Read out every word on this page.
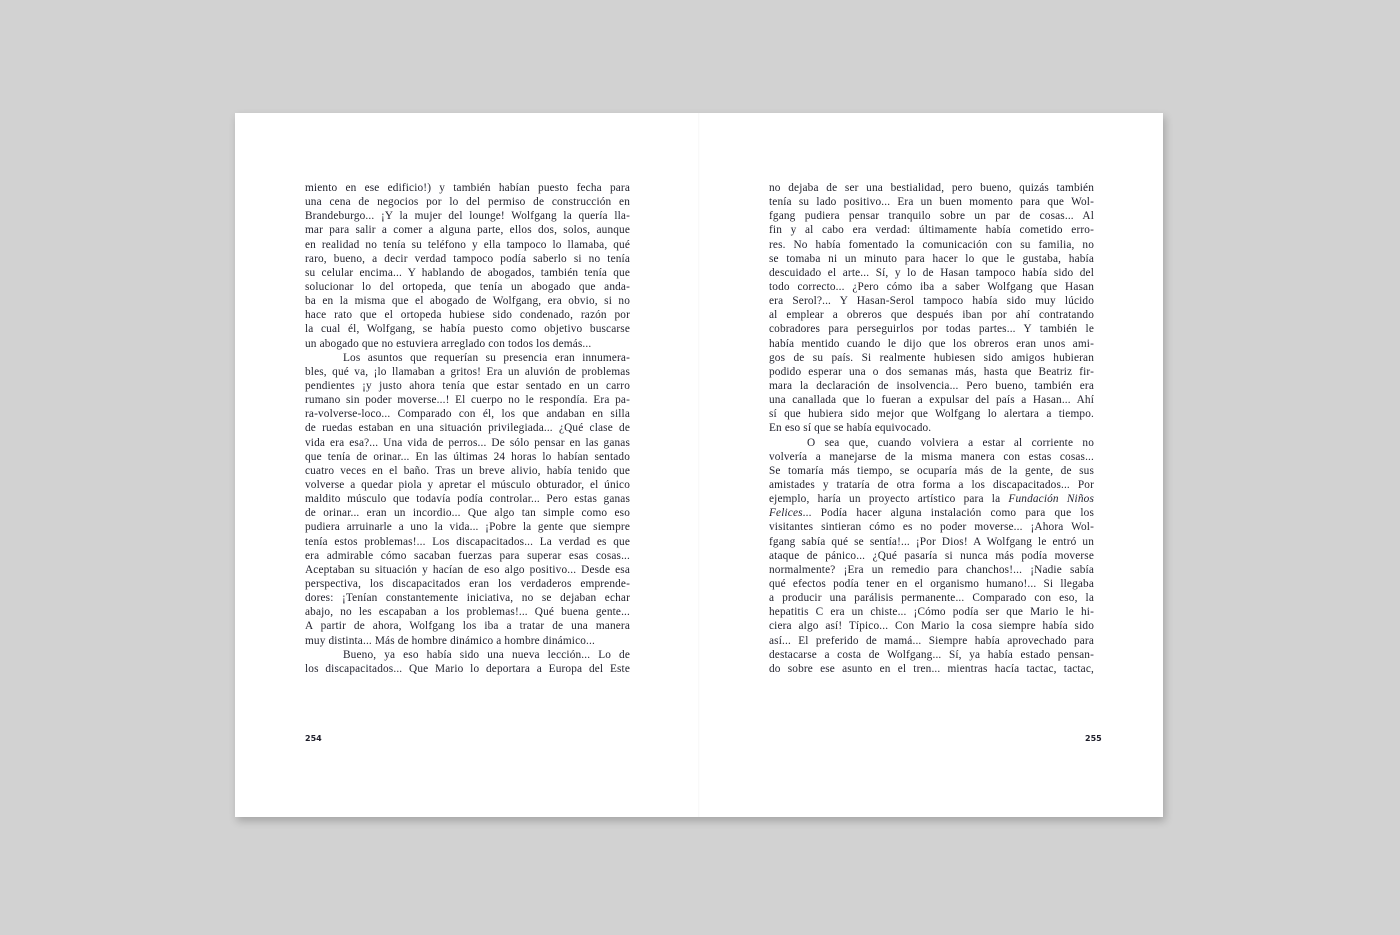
miento en ese edificio!) y también habían puesto fecha para
una cena de negocios por lo del permiso de construcción en
Brandeburgo... ¡Y la mujer del lounge! Wolfgang la quería lla-
mar para salir a comer a alguna parte, ellos dos, solos, aunque
en realidad no tenía su teléfono y ella tampoco lo llamaba, qué
raro, bueno, a decir verdad tampoco podía saberlo si no tenía
su celular encima... Y hablando de abogados, también tenía que
solucionar lo del ortopeda, que tenía un abogado que anda-
ba en la misma que el abogado de Wolfgang, era obvio, si no
hace rato que el ortopeda hubiese sido condenado, razón por
la cual él, Wolfgang, se había puesto como objetivo buscarse
un abogado que no estuviera arreglado con todos los demás...
Los asuntos que requerían su presencia eran innumera-
bles, qué va, ¡lo llamaban a gritos! Era un aluvión de problemas
pendientes ¡y justo ahora tenía que estar sentado en un carro
rumano sin poder moverse...! El cuerpo no le respondía. Era pa-
ra-volverse-loco... Comparado con él, los que andaban en silla
de ruedas estaban en una situación privilegiada... ¿Qué clase de
vida era esa?... Una vida de perros... De sólo pensar en las ganas
que tenía de orinar... En las últimas 24 horas lo habían sentado
cuatro veces en el baño. Tras un breve alivio, había tenido que
volverse a quedar piola y apretar el músculo obturador, el único
maldito músculo que todavía podía controlar... Pero estas ganas
de orinar... eran un incordio... Que algo tan simple como eso
pudiera arruinarle a uno la vida... ¡Pobre la gente que siempre
tenía estos problemas!... Los discapacitados... La verdad es que
era admirable cómo sacaban fuerzas para superar esas cosas...
Aceptaban su situación y hacían de eso algo positivo... Desde esa
perspectiva, los discapacitados eran los verdaderos emprende-
dores: ¡Tenían constantemente iniciativa, no se dejaban echar
abajo, no les escapaban a los problemas!... Qué buena gente...
A partir de ahora, Wolfgang los iba a tratar de una manera
muy distinta... Más de hombre dinámico a hombre dinámico...
Bueno, ya eso había sido una nueva lección... Lo de
los discapacitados... Que Mario lo deportara a Europa del Este
254
no dejaba de ser una bestialidad, pero bueno, quizás también
tenía su lado positivo... Era un buen momento para que Wol-
fgang pudiera pensar tranquilo sobre un par de cosas... Al
fin y al cabo era verdad: últimamente había cometido erro-
res. No había fomentado la comunicación con su familia, no
se tomaba ni un minuto para hacer lo que le gustaba, había
descuidado el arte... Sí, y lo de Hasan tampoco había sido del
todo correcto... ¿Pero cómo iba a saber Wolfgang que Hasan
era Serol?... Y Hasan-Serol tampoco había sido muy lúcido
al emplear a obreros que después iban por ahí contratando
cobradores para perseguirlos por todas partes... Y también le
había mentido cuando le dijo que los obreros eran unos ami-
gos de su país. Si realmente hubiesen sido amigos hubieran
podido esperar una o dos semanas más, hasta que Beatriz fir-
mara la declaración de insolvencia... Pero bueno, también era
una canallada que lo fueran a expulsar del país a Hasan... Ahí
sí que hubiera sido mejor que Wolfgang lo alertara a tiempo.
En eso sí que se había equivocado.
O sea que, cuando volviera a estar al corriente no
volvería a manejarse de la misma manera con estas cosas...
Se tomaría más tiempo, se ocuparía más de la gente, de sus
amistades y trataría de otra forma a los discapacitados... Por
ejemplo, haría un proyecto artístico para la Fundación Niños
Felices... Podía hacer alguna instalación como para que los
visitantes sintieran cómo es no poder moverse... ¡Ahora Wol-
fgang sabía qué se sentía!... ¡Por Dios! A Wolfgang le entró un
ataque de pánico... ¿Qué pasaría si nunca más podía moverse
normalmente? ¡Era un remedio para chanchos!... ¡Nadie sabía
qué efectos podía tener en el organismo humano!... Si llegaba
a producir una parálisis permanente... Comparado con eso, la
hepatitis C era un chiste... ¡Cómo podía ser que Mario le hi-
ciera algo así! Típico... Con Mario la cosa siempre había sido
así... El preferido de mamá... Siempre había aprovechado para
destacarse a costa de Wolfgang... Sí, ya había estado pensan-
do sobre ese asunto en el tren... mientras hacía tactac, tactac,
255
